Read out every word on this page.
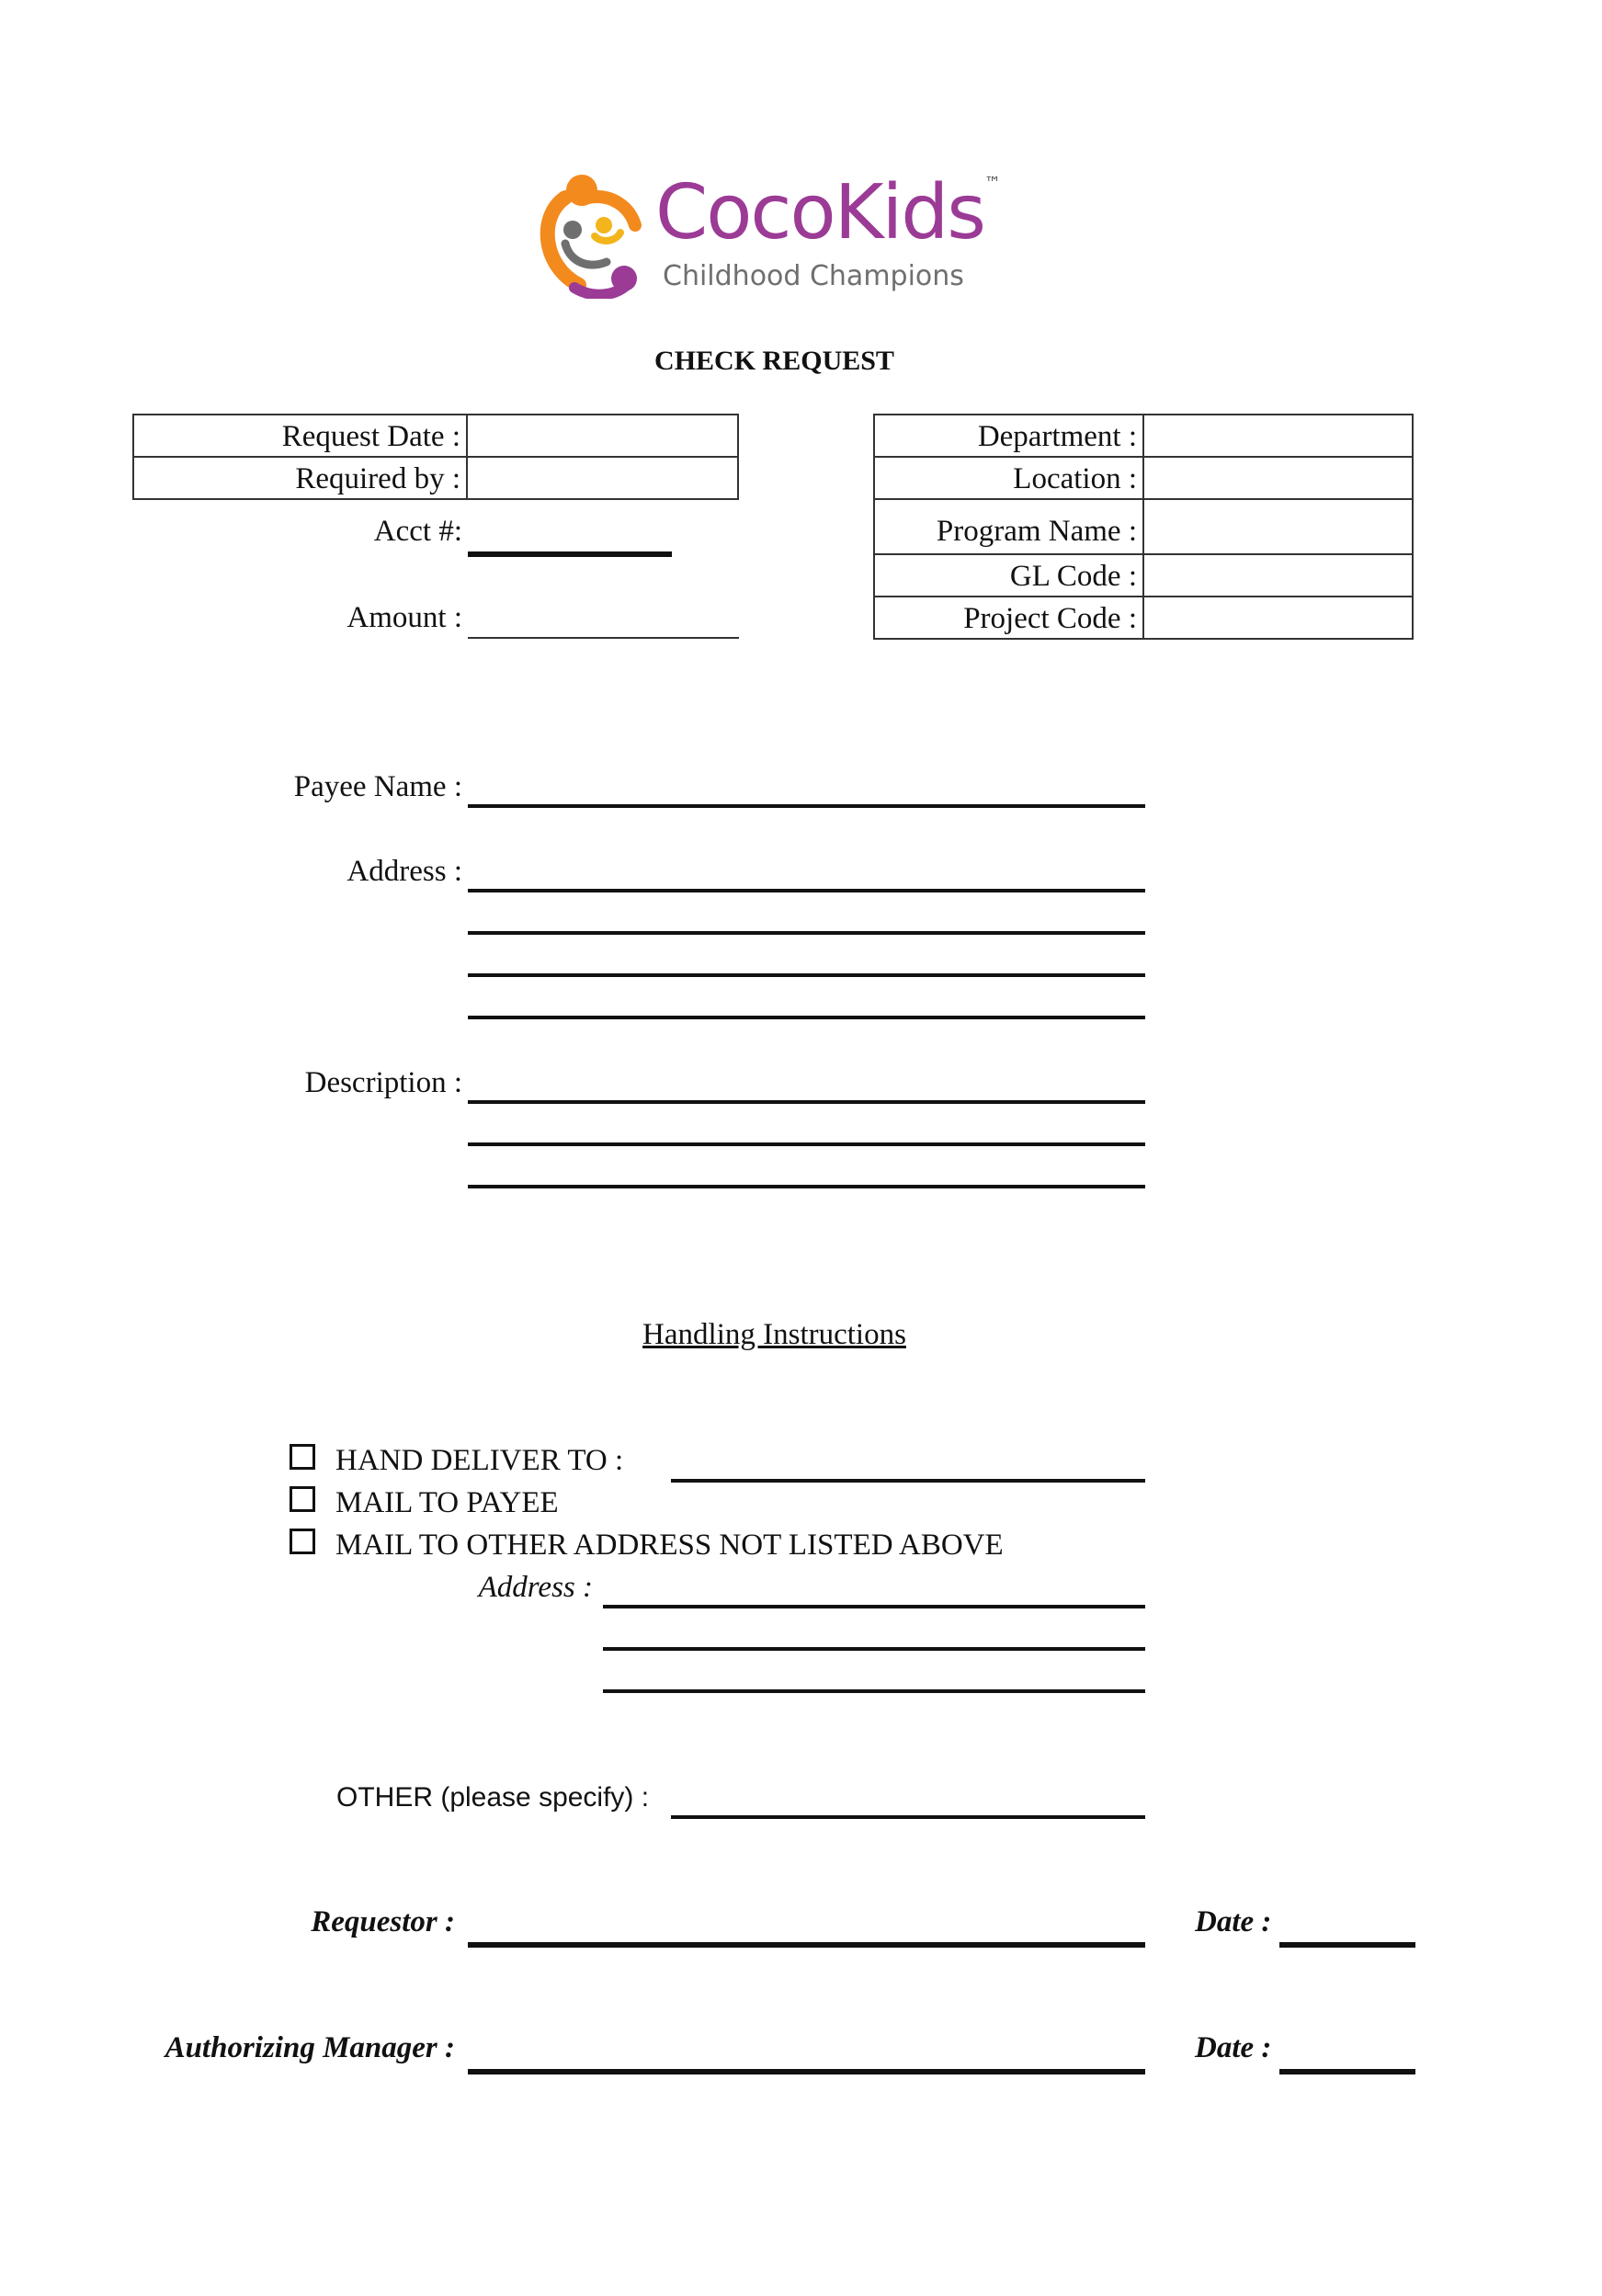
CocoKids™
Childhood Champions
CHECK REQUEST
Request Date :
Required by :
Acct #:
Amount :
Department :
Location :
Program Name :
GL Code :
Project Code :
Payee Name :
Address :
Description :
Handling Instructions
HAND DELIVER TO :
MAIL TO PAYEE
MAIL TO OTHER ADDRESS NOT LISTED ABOVE
Address :
OTHER (please specify) :
Requestor :	Date :
Authorizing Manager :	Date :
